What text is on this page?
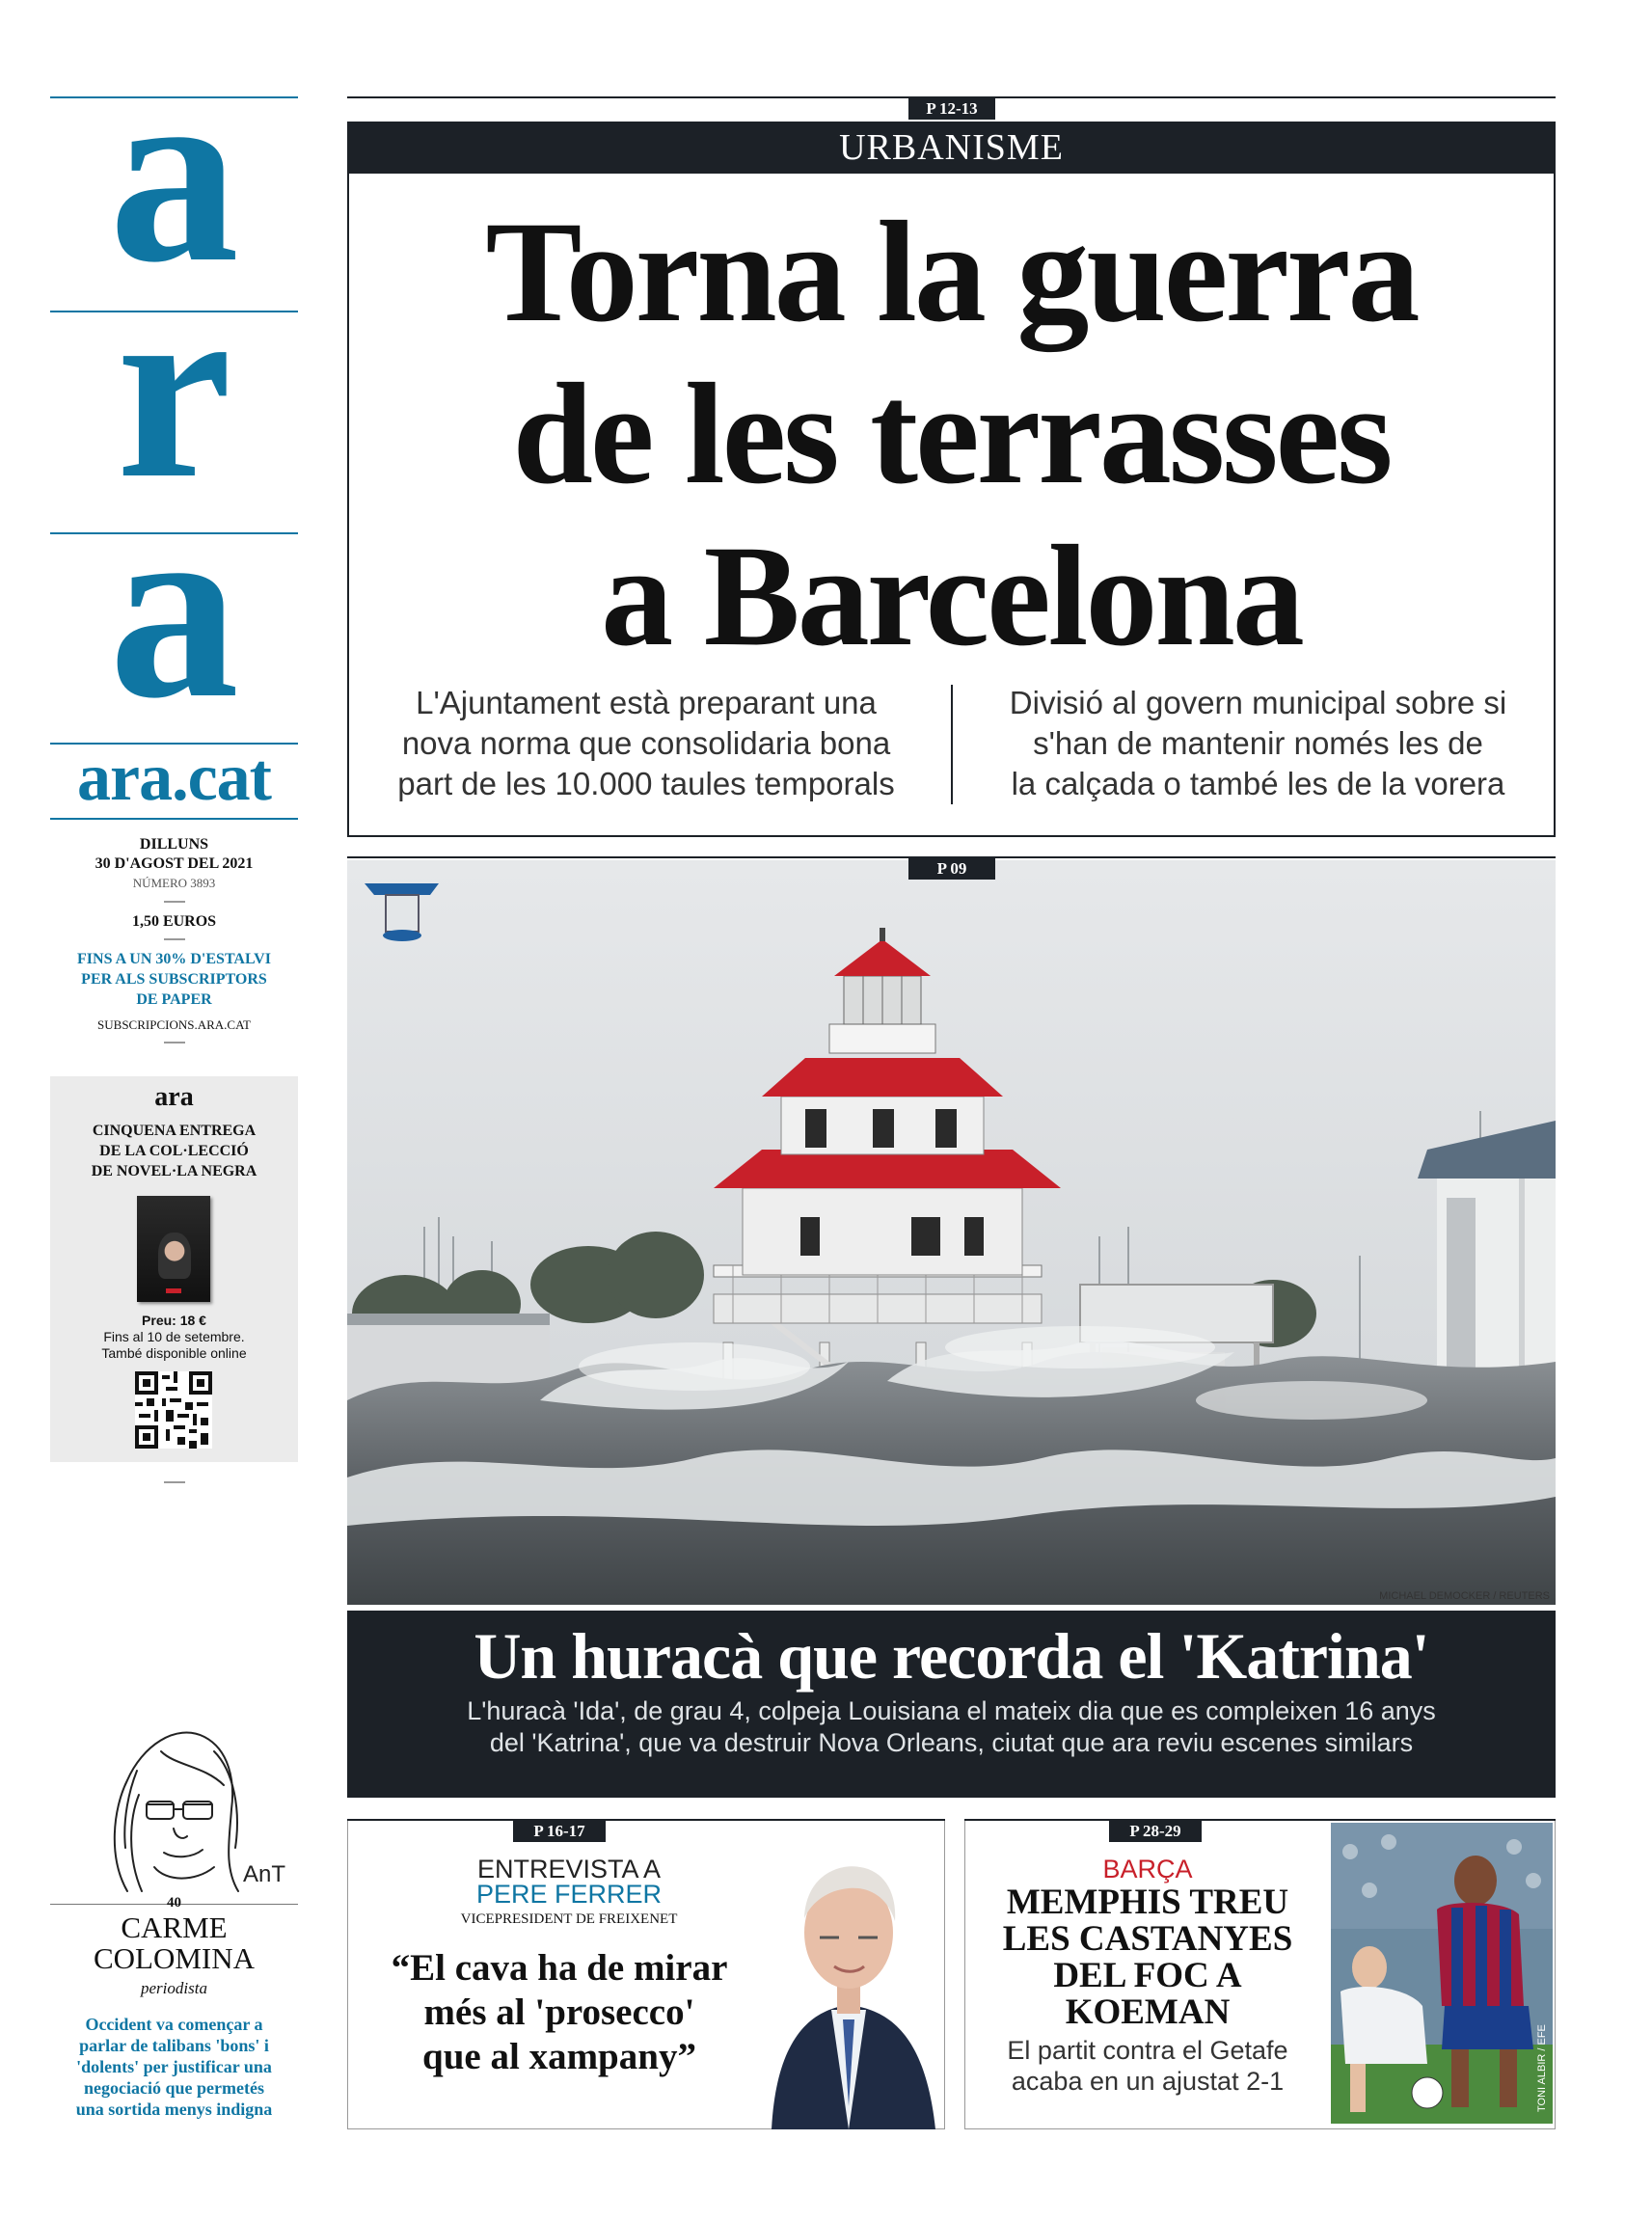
a
r
a
ara.cat
DILLUNS
30 D'AGOST DEL 2021
NÚMERO 3893
1,50 EUROS
FINS A UN 30% D'ESTALVI
PER ALS SUBSCRIPTORS
DE PAPER
SUBSCRIPCIONS.ARA.CAT
ara
CINQUENA ENTREGA
DE LA COL·LECCIÓ
DE NOVEL·LA NEGRA
Preu: 18 €
Fins al 10 de setembre.
També disponible online
AnT
40
CARME
COLOMINA
periodista
Occident va començar a
parlar de talibans 'bons' i
'dolents' per justificar una
negociació que permetés
una sortida menys indigna
P 12-13
URBANISME
Torna la guerra
de les terrasses
a Barcelona
L'Ajuntament està preparant una
nova norma que consolidaria bona
part de les 10.000 taules temporals
Divisió al govern municipal sobre si
s'han de mantenir només les de
la calçada o també les de la vorera
P 09
MICHAEL DEMOCKER / REUTERS
Un huracà que recorda el 'Katrina'
L'huracà 'Ida', de grau 4, colpeja Louisiana el mateix dia que es compleixen 16 anys
del 'Katrina', que va destruir Nova Orleans, ciutat que ara reviu escenes similars
P 16-17
ENTREVISTA A
PERE FERRER
VICEPRESIDENT DE FREIXENET
“El cava ha de mirar
més al 'prosecco'
que al xampany”
P 28-29
BARÇA
MEMPHIS TREU
LES CASTANYES
DEL FOC A
KOEMAN
El partit contra el Getafe
acaba en un ajustat 2-1	TONI ALBIR / EFE
